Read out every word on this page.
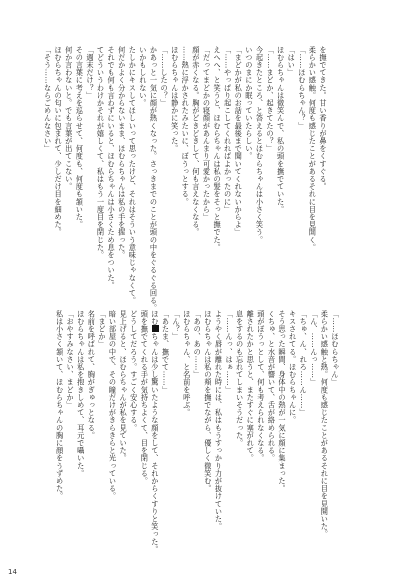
を撫でてきた。甘い香りが鼻をくすぐる。
柔らかい感触。何度も感じたことがあるそれに目を見開く。
「……ほむらちゃん？」
「はい」
ほむらちゃんは微笑んで、私の頭を撫でていた。
「……まどか、起きてたの？」
今起きたところ、と答えるとほむらちゃんは小さく笑う。
いつのまにか眠っていたらしい。
「まどかが私のお話を最後まで聞いてくれないからよ」
「……やっぱり起こしてくれればよかったのに」
えへへ、と笑うと、ほむらちゃんは私の髪をそっと撫でた。
「だってまどかの寝顔があんまり可愛かったから」
顔が赤くなる。胸がどきどきして、何も言えなくなる。
……熱に浮かされたみたいに、ぼうっとする。
ほむらちゃんは静かに笑った。
「……したの？」
かあっと一気に顔が熱くなった。さっきまでのことが頭の中をぐるぐる回る。
いかもしれない。
たしかにキスしてほしいって思ったけど、それはそういう意味じゃなくて。
何だかよく分からないまま、ほむらちゃんは私の手を握った。
それでも何も言わずにいると、ほむらちゃんは小さくため息をついた。
てどういうわけかそれが嬉しくて、私はもう一度目を閉じた。
「週末だけ？」
その言葉に考えを巡らせて、何度も、何度も頷いた。
何か言わないと。でも言葉が出てこない。
ほむらちゃんの匂いに包まれて、少しだけ目を細めた。
「そう……ならごめんなさい」
「……ほむらちゃん」
柔らかい感触と熱。何度も感じたことがあるそれに目を見開いた。
「ん、……んっ……」
「ちゅ、ん、れろ……ん……」
キスされてる。ほむらちゃんに。
そう思った瞬間、身体中の熱が一気に顔に集まった。
くちゅ、と水音が響いて、舌が絡められる。
頭がぼうっとして、何も考えられなくなる。
離されたかと思うと、またすぐに塞がれて。
息をするのも忘れてしまいそうだった。
「……んっ、はぁ……」
ようやく唇が離れた時には、私はもうすっかり力が抜けていた。
ほむらちゃんは私の頬を撫でながら、優しく微笑む。
「あの、あの……」
ほむらちゃん、と名前を呼ぶ。
「ん？」
「あたま、撫でて……」
ほむらちゃんは少し驚いたような顔をして、それからくすりと笑った。
頭を撫でてくれる手が気持ちよくて、目を閉じる。
どうしてだろう。すごく安心する。
見上げると、ほむらちゃんが私を見ていた。
暗い部屋の中で、その瞳だけがきらきらと光っている。
「まどか」
名前を呼ばれて、胸がぎゅっとなる。
ほむらちゃんは私を抱きしめて、耳元で囁いた。
「おやすみなさい、まどか」
私は小さく頷いて、ほむらちゃんの胸に顔をうずめた。
14
